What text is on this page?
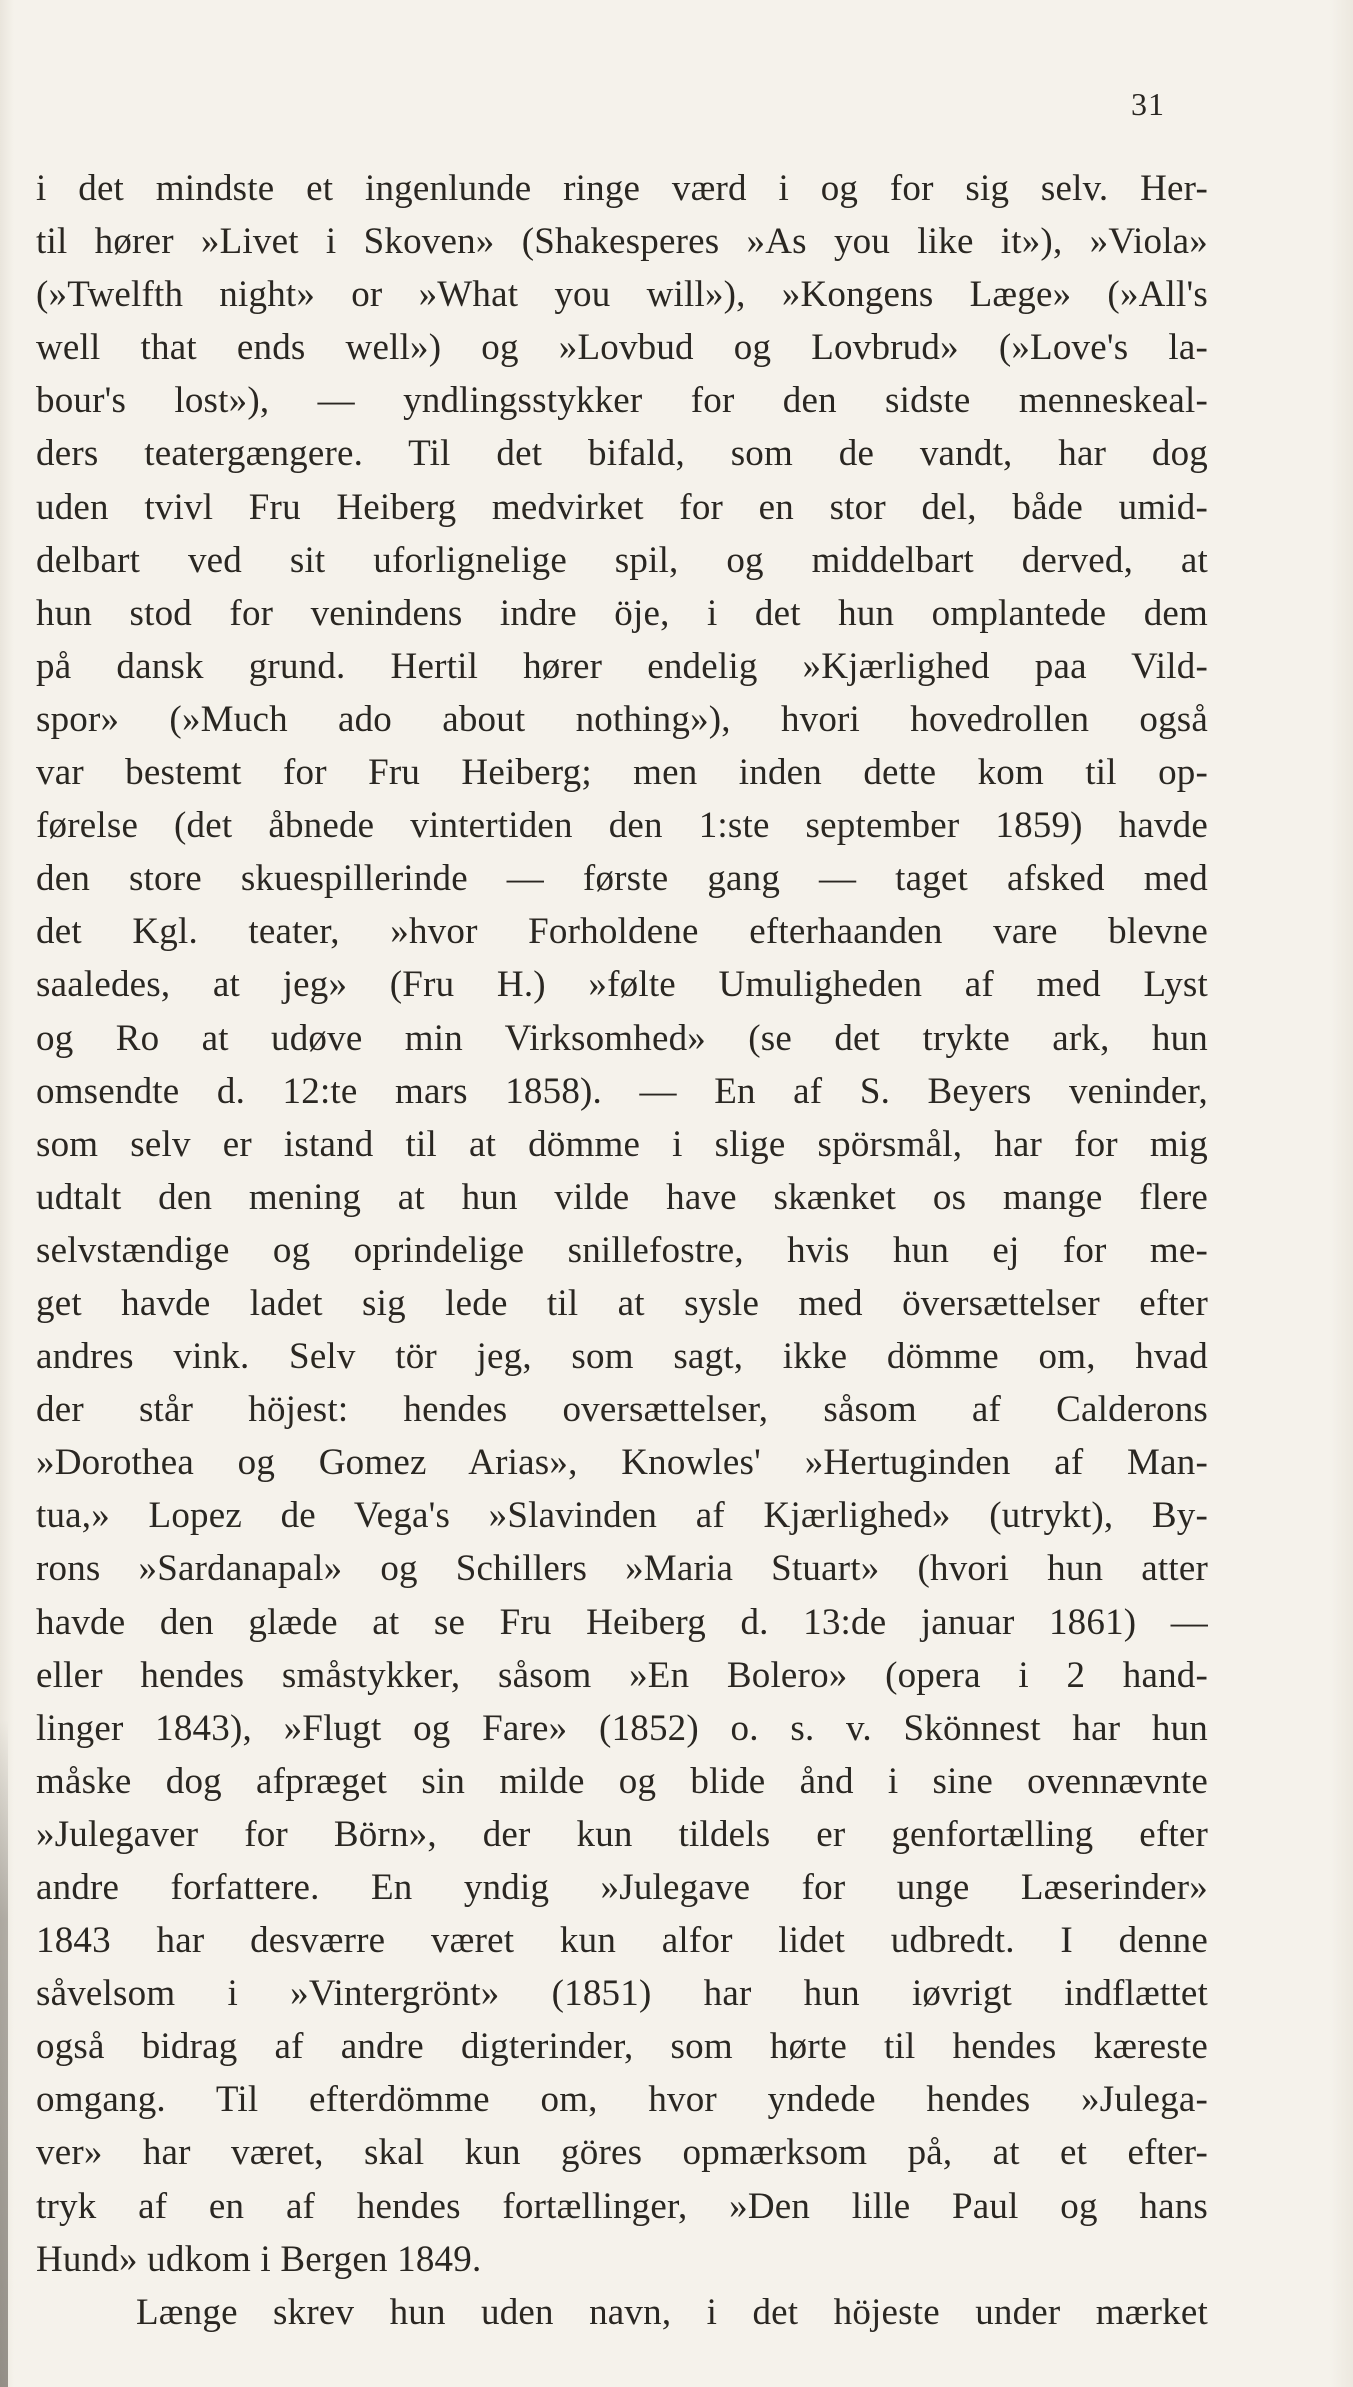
31
i det mindste et ingenlunde ringe værd i og for sig selv. Her-
til hører »Livet i Skoven» (Shakesperes »As you like it»), »Viola»
(»Twelfth night» or »What you will»), »Kongens Læge» (»All's
well that ends well») og »Lovbud og Lovbrud» (»Love's la-
bour's lost»), — yndlingsstykker for den sidste menneskeal-
ders teatergængere. Til det bifald, som de vandt, har dog
uden tvivl Fru Heiberg medvirket for en stor del, både umid-
delbart ved sit uforlignelige spil, og middelbart derved, at
hun stod for venindens indre öje, i det hun omplantede dem
på dansk grund. Hertil hører endelig »Kjærlighed paa Vild-
spor» (»Much ado about nothing»), hvori hovedrollen også
var bestemt for Fru Heiberg; men inden dette kom til op-
førelse (det åbnede vintertiden den 1:ste september 1859) havde
den store skuespillerinde — første gang — taget afsked med
det Kgl. teater, »hvor Forholdene efterhaanden vare blevne
saaledes, at jeg» (Fru H.) »følte Umuligheden af med Lyst
og Ro at udøve min Virksomhed» (se det trykte ark, hun
omsendte d. 12:te mars 1858). — En af S. Beyers veninder,
som selv er istand til at dömme i slige spörsmål, har for mig
udtalt den mening at hun vilde have skænket os mange flere
selvstændige og oprindelige snillefostre, hvis hun ej for me-
get havde ladet sig lede til at sysle med översættelser efter
andres vink. Selv tör jeg, som sagt, ikke dömme om, hvad
der står höjest: hendes oversættelser, såsom af Calderons
»Dorothea og Gomez Arias», Knowles' »Hertuginden af Man-
tua,» Lopez de Vega's »Slavinden af Kjærlighed» (utrykt), By-
rons »Sardanapal» og Schillers »Maria Stuart» (hvori hun atter
havde den glæde at se Fru Heiberg d. 13:de januar 1861) —
eller hendes småstykker, såsom »En Bolero» (opera i 2 hand-
linger 1843), »Flugt og Fare» (1852) o. s. v. Skönnest har hun
måske dog afpræget sin milde og blide ånd i sine ovennævnte
»Julegaver for Börn», der kun tildels er genfortælling efter
andre forfattere. En yndig »Julegave for unge Læserinder»
1843 har desværre været kun alfor lidet udbredt. I denne
såvelsom i »Vintergrönt» (1851) har hun iøvrigt indflættet
også bidrag af andre digterinder, som hørte til hendes kæreste
omgang. Til efterdömme om, hvor yndede hendes »Julega-
ver» har været, skal kun göres opmærksom på, at et efter-
tryk af en af hendes fortællinger, »Den lille Paul og hans
Hund» udkom i Bergen 1849.
Længe skrev hun uden navn, i det höjeste under mærket
